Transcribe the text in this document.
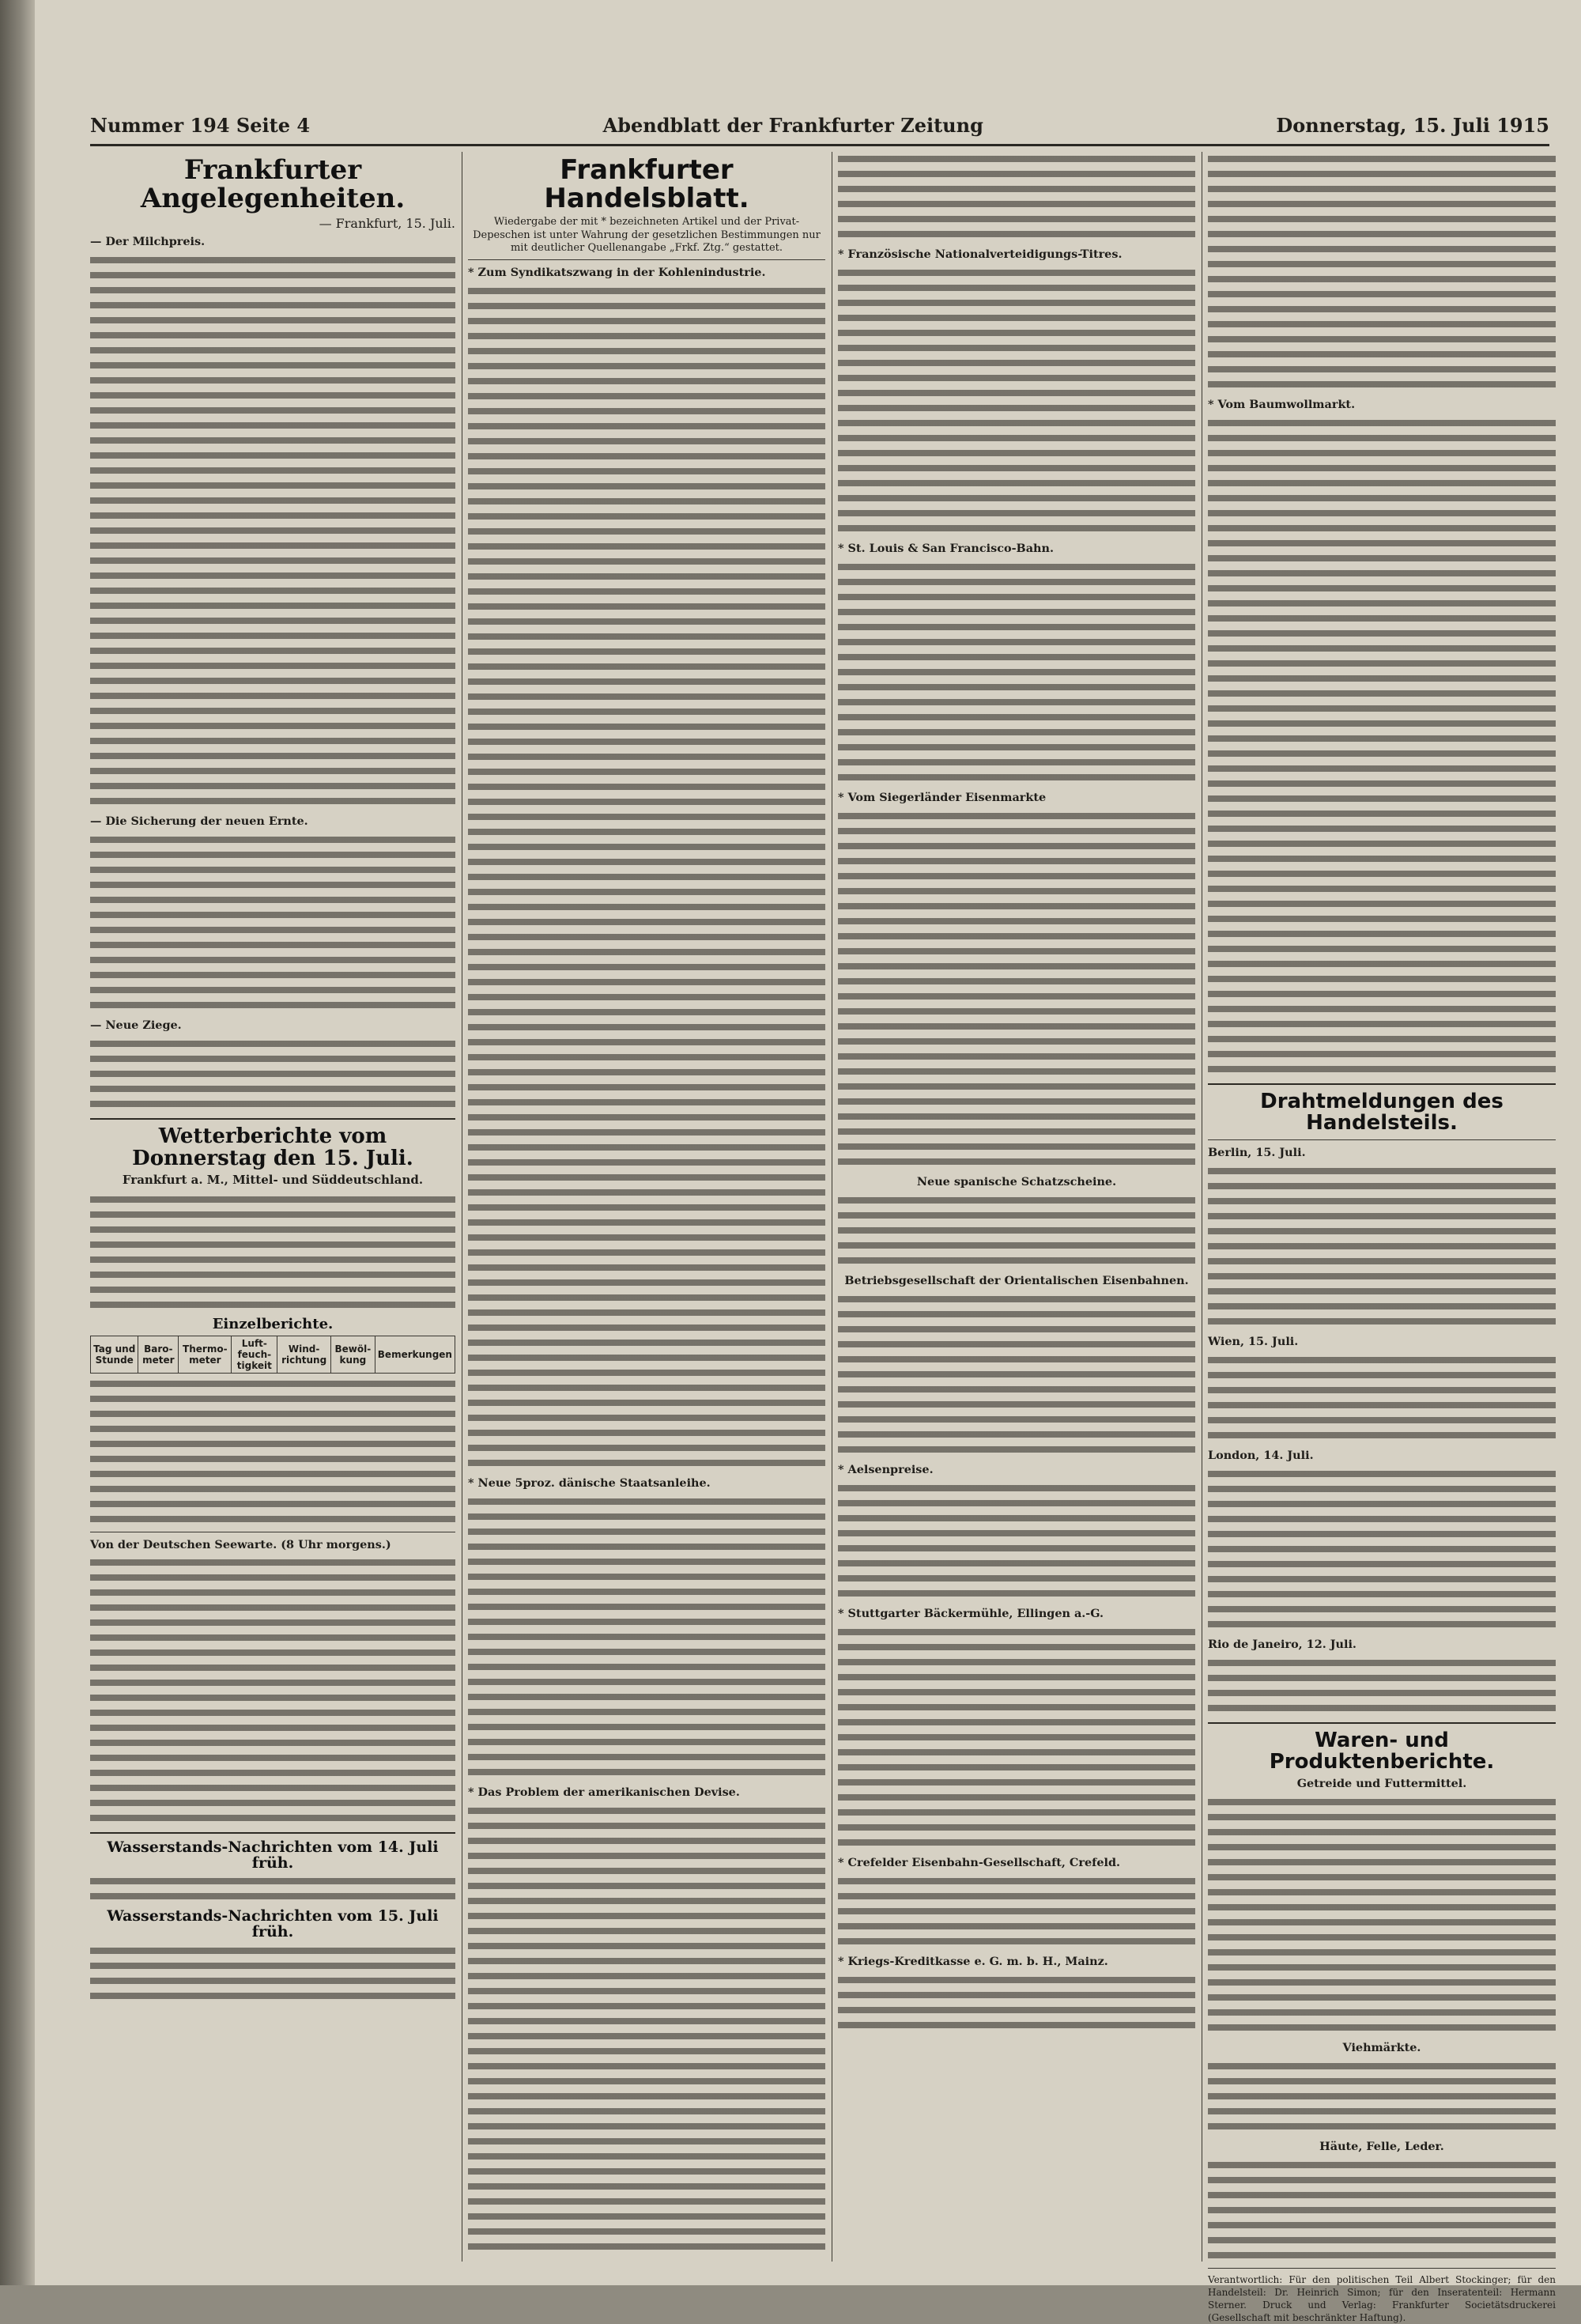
Nummer 194 Seite 4	Abendblatt der Frankfurter Zeitung	Donnerstag, 15. Juli 1915
Frankfurter Angelegenheiten.
— Frankfurt, 15. Juli.
— Der Milchpreis.
— Die Sicherung der neuen Ernte.
— Neue Ziege.
Wetterberichte vom Donnerstag den 15. Juli.
Frankfurt a. M., Mittel- und Süddeutschland.
Einzelberichte.
Tag und Stunde	Baro-meter	Thermo-meter	Luft-feuch-tigkeit	Wind-richtung	Bewöl-kung	Bemerkungen
Von der Deutschen Seewarte. (8 Uhr morgens.)
Wasserstands-Nachrichten vom 14. Juli früh.
Wasserstands-Nachrichten vom 15. Juli früh.
Frankfurter Handelsblatt.
Wiedergabe der mit * bezeichneten Artikel und der Privat-Depeschen ist unter Wahrung der gesetzlichen Bestimmungen nur mit deutlicher Quellenangabe „Frkf. Ztg.“ gestattet.
* Zum Syndikatszwang in der Kohlenindustrie.
* Neue 5proz. dänische Staatsanleihe.
* Das Problem der amerikanischen Devise.
* Französische Nationalverteidigungs-Titres.
* St. Louis & San Francisco-Bahn.
* Vom Siegerländer Eisenmarkte
Neue spanische Schatzscheine.
Betriebsgesellschaft der Orientalischen Eisenbahnen.
* Aelsenpreise.
* Stuttgarter Bäckermühle, Ellingen a.-G.
* Crefelder Eisenbahn-Gesellschaft, Crefeld.
* Kriegs-Kreditkasse e. G. m. b. H., Mainz.
* Vom Baumwollmarkt.
Drahtmeldungen des Handelsteils.
Berlin, 15. Juli.
Wien, 15. Juli.
London, 14. Juli.
Rio de Janeiro, 12. Juli.
Waren- und Produktenberichte.
Getreide und Futtermittel.
Viehmärkte.
Häute, Felle, Leder.
Verantwortlich: Für den politischen Teil Albert Stockinger; für den Handelsteil: Dr. Heinrich Simon; für den Inseratenteil: Hermann Sterner. Druck und Verlag: Frankfurter Societätsdruckerei (Gesellschaft mit beschränkter Haftung).
